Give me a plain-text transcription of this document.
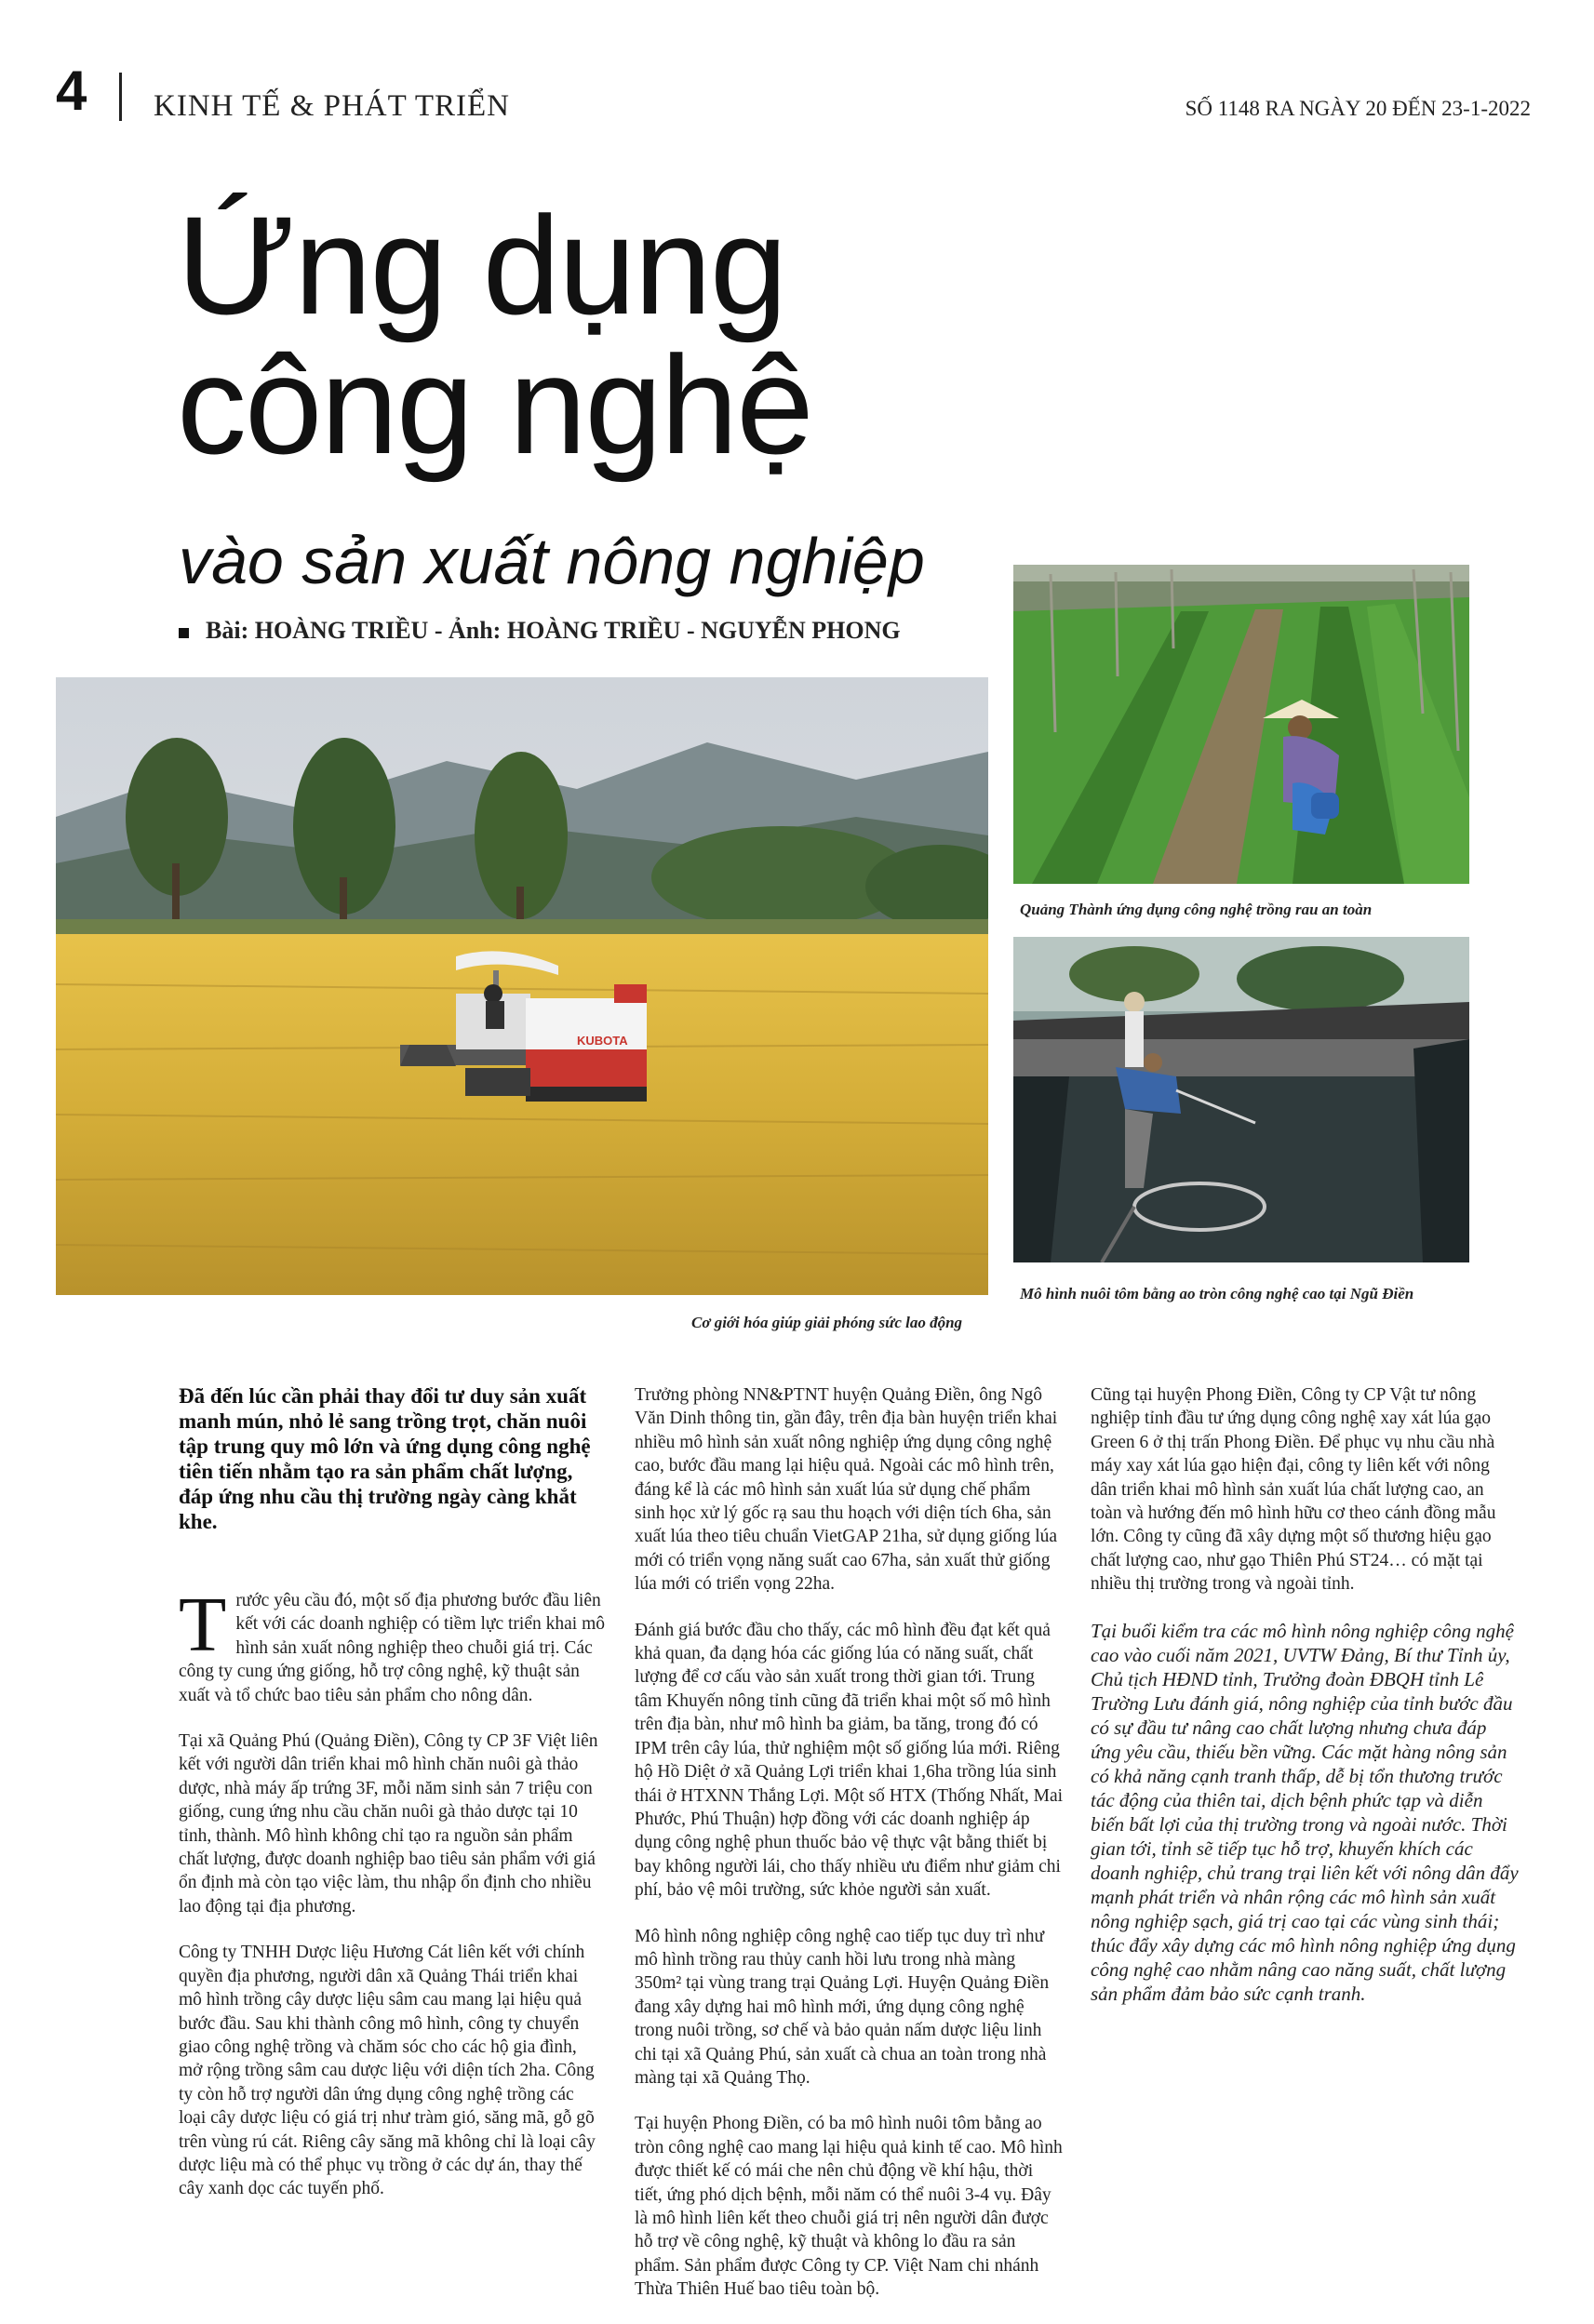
4 KINH TẾ & PHÁT TRIỂN	SỐ 1148 RA NGÀY 20 ĐẾN 23-1-2022
Ứng dụng
công nghệ
vào sản xuất nông nghiệp
Bài: HOÀNG TRIỀU - Ảnh: HOÀNG TRIỀU - NGUYỄN PHONG
KUBOTA
Cơ giới hóa giúp giải phóng sức lao động
Quảng Thành ứng dụng công nghệ trồng rau an toàn
Mô hình nuôi tôm bằng ao tròn công nghệ cao tại Ngũ Điền

Đã đến lúc cần phải thay đổi tư duy sản xuất manh mún, nhỏ lẻ sang trồng trọt, chăn nuôi tập trung quy mô lớn và ứng dụng công nghệ tiên tiến nhằm tạo ra sản phẩm chất lượng, đáp ứng nhu cầu thị trường ngày càng khắt khe.

Trước yêu cầu đó, một số địa phương bước đầu liên kết với các doanh nghiệp có tiềm lực triển khai mô hình sản xuất nông nghiệp theo chuỗi giá trị. Các công ty cung ứng giống, hỗ trợ công nghệ, kỹ thuật sản xuất và tổ chức bao tiêu sản phẩm cho nông dân.

Tại xã Quảng Phú (Quảng Điền), Công ty CP 3F Việt liên kết với người dân triển khai mô hình chăn nuôi gà thảo dược, nhà máy ấp trứng 3F, mỗi năm sinh sản 7 triệu con giống, cung ứng nhu cầu chăn nuôi gà thảo dược tại 10 tỉnh, thành. Mô hình không chỉ tạo ra nguồn sản phẩm chất lượng, được doanh nghiệp bao tiêu sản phẩm với giá ổn định mà còn tạo việc làm, thu nhập ổn định cho nhiều lao động tại địa phương.

Công ty TNHH Dược liệu Hương Cát liên kết với chính quyền địa phương, người dân xã Quảng Thái triển khai mô hình trồng cây dược liệu sâm cau mang lại hiệu quả bước đầu. Sau khi thành công mô hình, công ty chuyển giao công nghệ trồng và chăm sóc cho các hộ gia đình, mở rộng trồng sâm cau dược liệu với diện tích 2ha. Công ty còn hỗ trợ người dân ứng dụng công nghệ trồng các loại cây dược liệu có giá trị như tràm gió, săng mã, gỗ gõ trên vùng rú cát. Riêng cây săng mã không chỉ là loại cây dược liệu mà có thể phục vụ trồng ở các dự án, thay thế cây xanh dọc các tuyến phố.

Trưởng phòng NN&PTNT huyện Quảng Điền, ông Ngô Văn Dinh thông tin, gần đây, trên địa bàn huyện triển khai nhiều mô hình sản xuất nông nghiệp ứng dụng công nghệ cao, bước đầu mang lại hiệu quả. Ngoài các mô hình trên, đáng kể là các mô hình sản xuất lúa sử dụng chế phẩm sinh học xử lý gốc rạ sau thu hoạch với diện tích 6ha, sản xuất lúa theo tiêu chuẩn VietGAP 21ha, sử dụng giống lúa mới có triển vọng năng suất cao 67ha, sản xuất thử giống lúa mới có triển vọng 22ha.

Đánh giá bước đầu cho thấy, các mô hình đều đạt kết quả khả quan, đa dạng hóa các giống lúa có năng suất, chất lượng để cơ cấu vào sản xuất trong thời gian tới. Trung tâm Khuyến nông tỉnh cũng đã triển khai một số mô hình trên địa bàn, như mô hình ba giảm, ba tăng, trong đó có IPM trên cây lúa, thử nghiệm một số giống lúa mới. Riêng hộ Hồ Diệt ở xã Quảng Lợi triển khai 1,6ha trồng lúa sinh thái ở HTXNN Thắng Lợi. Một số HTX (Thống Nhất, Mai Phước, Phú Thuận) hợp đồng với các doanh nghiệp áp dụng công nghệ phun thuốc bảo vệ thực vật bằng thiết bị bay không người lái, cho thấy nhiều ưu điểm như giảm chi phí, bảo vệ môi trường, sức khỏe người sản xuất.

Mô hình nông nghiệp công nghệ cao tiếp tục duy trì như mô hình trồng rau thủy canh hồi lưu trong nhà màng 350m² tại vùng trang trại Quảng Lợi. Huyện Quảng Điền đang xây dựng hai mô hình mới, ứng dụng công nghệ trong nuôi trồng, sơ chế và bảo quản nấm dược liệu linh chi tại xã Quảng Phú, sản xuất cà chua an toàn trong nhà màng tại xã Quảng Thọ.

Tại huyện Phong Điền, có ba mô hình nuôi tôm bằng ao tròn công nghệ cao mang lại hiệu quả kinh tế cao. Mô hình được thiết kế có mái che nên chủ động về khí hậu, thời tiết, ứng phó dịch bệnh, mỗi năm có thể nuôi 3-4 vụ. Đây là mô hình liên kết theo chuỗi giá trị nên người dân được hỗ trợ về công nghệ, kỹ thuật và không lo đầu ra sản phẩm. Sản phẩm được Công ty CP. Việt Nam chi nhánh Thừa Thiên Huế bao tiêu toàn bộ.

Cũng tại huyện Phong Điền, Công ty CP Vật tư nông nghiệp tỉnh đầu tư ứng dụng công nghệ xay xát lúa gạo Green 6 ở thị trấn Phong Điền. Để phục vụ nhu cầu nhà máy xay xát lúa gạo hiện đại, công ty liên kết với nông dân triển khai mô hình sản xuất lúa chất lượng cao, an toàn và hướng đến mô hình hữu cơ theo cánh đồng mẫu lớn. Công ty cũng đã xây dựng một số thương hiệu gạo chất lượng cao, như gạo Thiên Phú ST24… có mặt tại nhiều thị trường trong và ngoài tỉnh.

Tại buổi kiểm tra các mô hình nông nghiệp công nghệ cao vào cuối năm 2021, UVTW Đảng, Bí thư Tỉnh ủy, Chủ tịch HĐND tỉnh, Trưởng đoàn ĐBQH tỉnh Lê Trường Lưu đánh giá, nông nghiệp của tỉnh bước đầu có sự đầu tư nâng cao chất lượng nhưng chưa đáp ứng yêu cầu, thiếu bền vững. Các mặt hàng nông sản có khả năng cạnh tranh thấp, dễ bị tổn thương trước tác động của thiên tai, dịch bệnh phức tạp và diễn biến bất lợi của thị trường trong và ngoài nước. Thời gian tới, tỉnh sẽ tiếp tục hỗ trợ, khuyến khích các doanh nghiệp, chủ trang trại liên kết với nông dân đẩy mạnh phát triển và nhân rộng các mô hình sản xuất nông nghiệp sạch, giá trị cao tại các vùng sinh thái; thúc đẩy xây dựng các mô hình nông nghiệp ứng dụng công nghệ cao nhằm nâng cao năng suất, chất lượng sản phẩm đảm bảo sức cạnh tranh.
